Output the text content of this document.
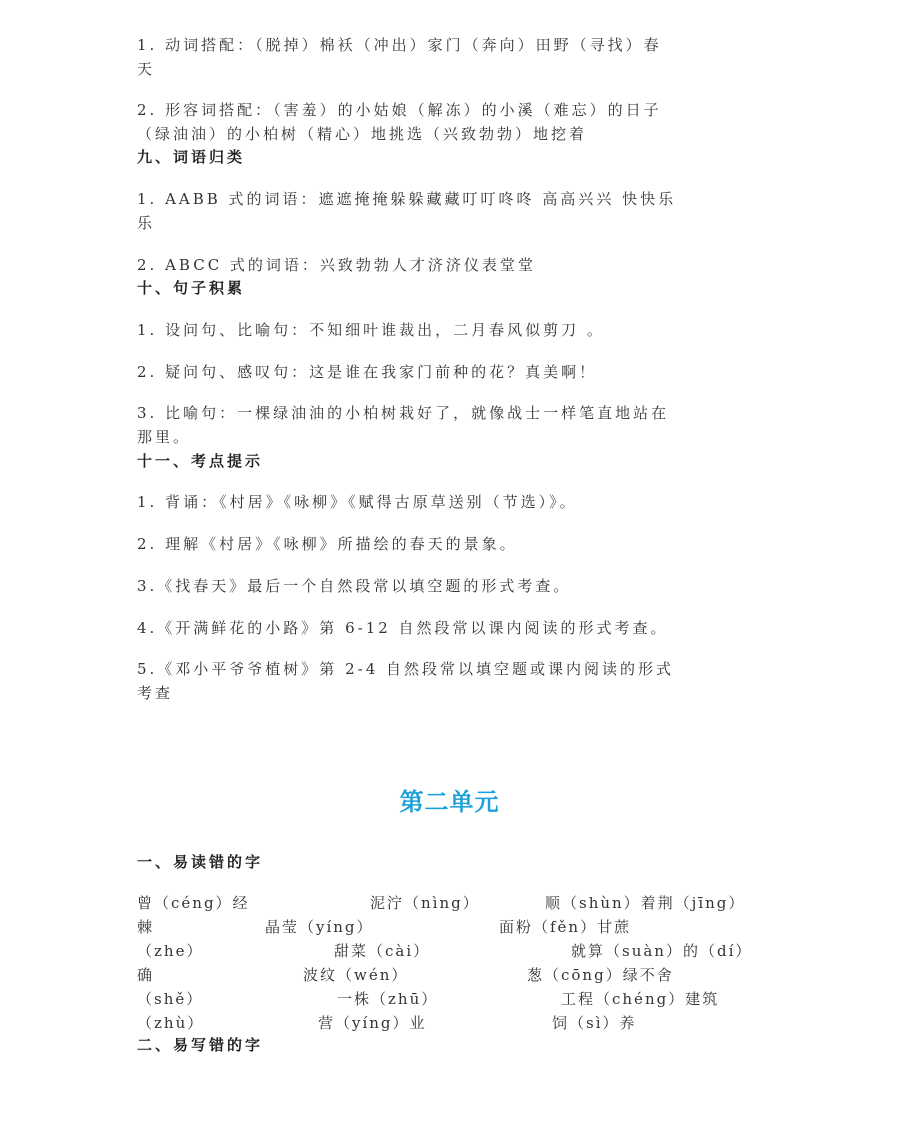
1. 动词搭配：（脱掉）棉袄（冲出）家门（奔向）田野（寻找）春
天
2. 形容词搭配：（害羞）的小姑娘（解冻）的小溪（难忘）的日子
（绿油油）的小柏树（精心）地挑选（兴致勃勃）地挖着
九、词语归类
1. AABB 式的词语：遮遮掩掩躲躲藏藏叮叮咚咚 高高兴兴 快快乐
乐
2. ABCC 式的词语：兴致勃勃人才济济仪表堂堂
十、句子积累
1. 设问句、比喻句：不知细叶谁裁出，二月春风似剪刀 。
2. 疑问句、感叹句：这是谁在我家门前种的花？真美啊！
3. 比喻句：一棵绿油油的小柏树栽好了，就像战士一样笔直地站在
那里。
十一、考点提示
1. 背诵：《村居》《咏柳》《赋得古原草送别（节选）》。
2. 理解《村居》《咏柳》所描绘的春天的景象。
3.《找春天》最后一个自然段常以填空题的形式考查。
4.《开满鲜花的小路》第 6-12 自然段常以课内阅读的形式考查。
5.《邓小平爷爷植树》第 2-4 自然段常以填空题或课内阅读的形式
考查
第二单元
一、易读错的字
曾（céng）经	泥泞（nìng）	顺（shùn）着荆（jīng）
棘	晶莹（yíng）	面粉（fěn）甘蔗
（zhe）	甜菜（cài）	就算（suàn）的（dí）
确	波纹（wén）	葱（cōng）绿不舍
（shě）	一株（zhū）	工程（chéng）建筑
（zhù）	营（yíng）业	饲（sì）养
二、易写错的字
